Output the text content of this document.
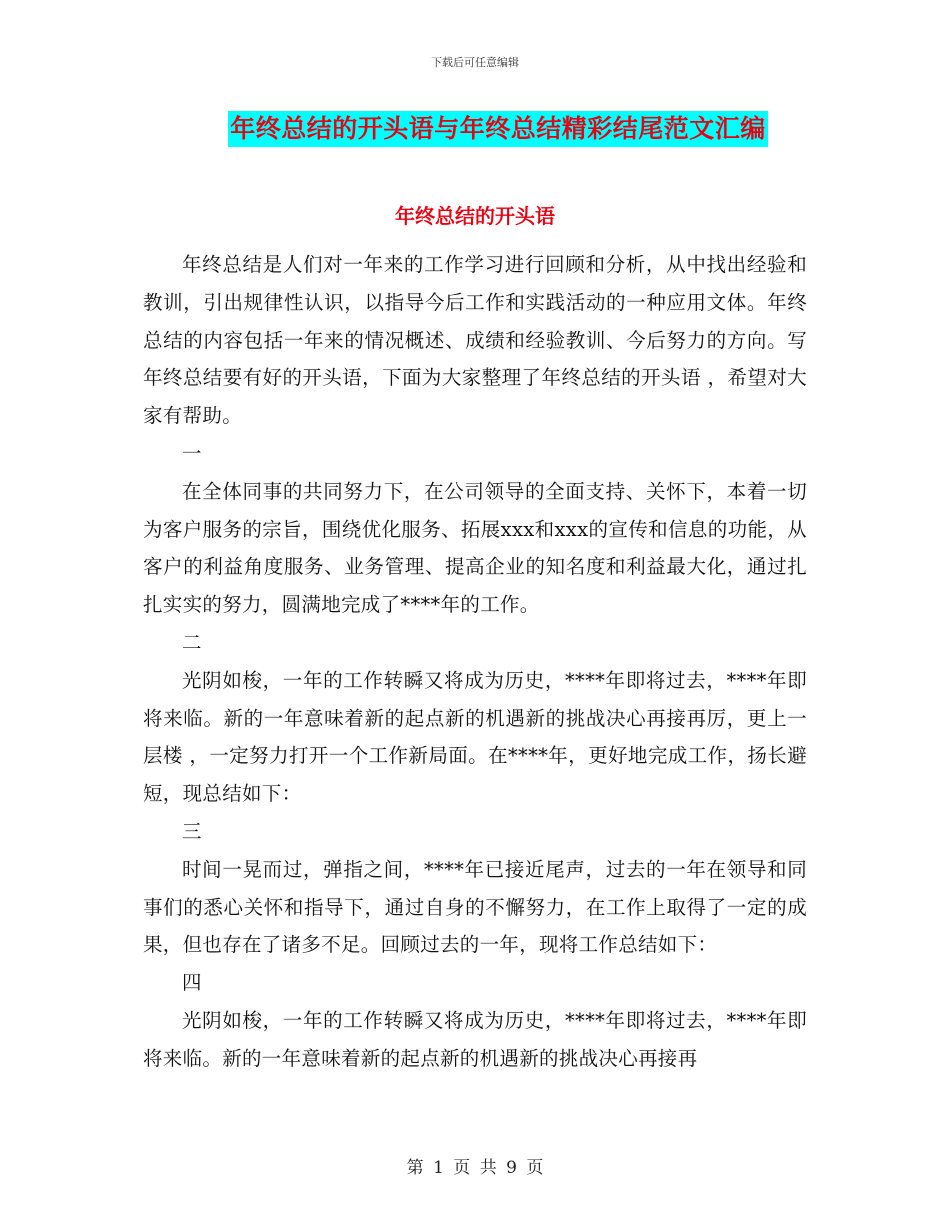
下载后可任意编辑
年终总结的开头语与年终总结精彩结尾范文汇编
年终总结的开头语

年终总结是人们对一年来的工作学习进行回顾和分析，从中找出经验和教训，引出规律性认识，以指导今后工作和实践活动的一种应用文体。年终总结的内容包括一年来的情况概述、成绩和经验教训、今后努力的方向。写年终总结要有好的开头语，下面为大家整理了年终总结的开头语 ，希望对大家有帮助。

一

在全体同事的共同努力下，在公司领导的全面支持、关怀下，本着一切为客户服务的宗旨，围绕优化服务、拓展xxx和xxx的宣传和信息的功能，从客户的利益角度服务、业务管理、提高企业的知名度和利益最大化，通过扎扎实实的努力，圆满地完成了****年的工作。

二

光阴如梭，一年的工作转瞬又将成为历史，****年即将过去，****年即将来临。新的一年意味着新的起点新的机遇新的挑战决心再接再厉，更上一层楼 ，一定努力打开一个工作新局面。在****年，更好地完成工作，扬长避短，现总结如下：

三

时间一晃而过，弹指之间，****年已接近尾声，过去的一年在领导和同事们的悉心关怀和指导下，通过自身的不懈努力，在工作上取得了一定的成果，但也存在了诸多不足。回顾过去的一年，现将工作总结如下：

四

光阴如梭，一年的工作转瞬又将成为历史，****年即将过去，****年即将来临。新的一年意味着新的起点新的机遇新的挑战决心再接再

第 1 页 共 9 页
